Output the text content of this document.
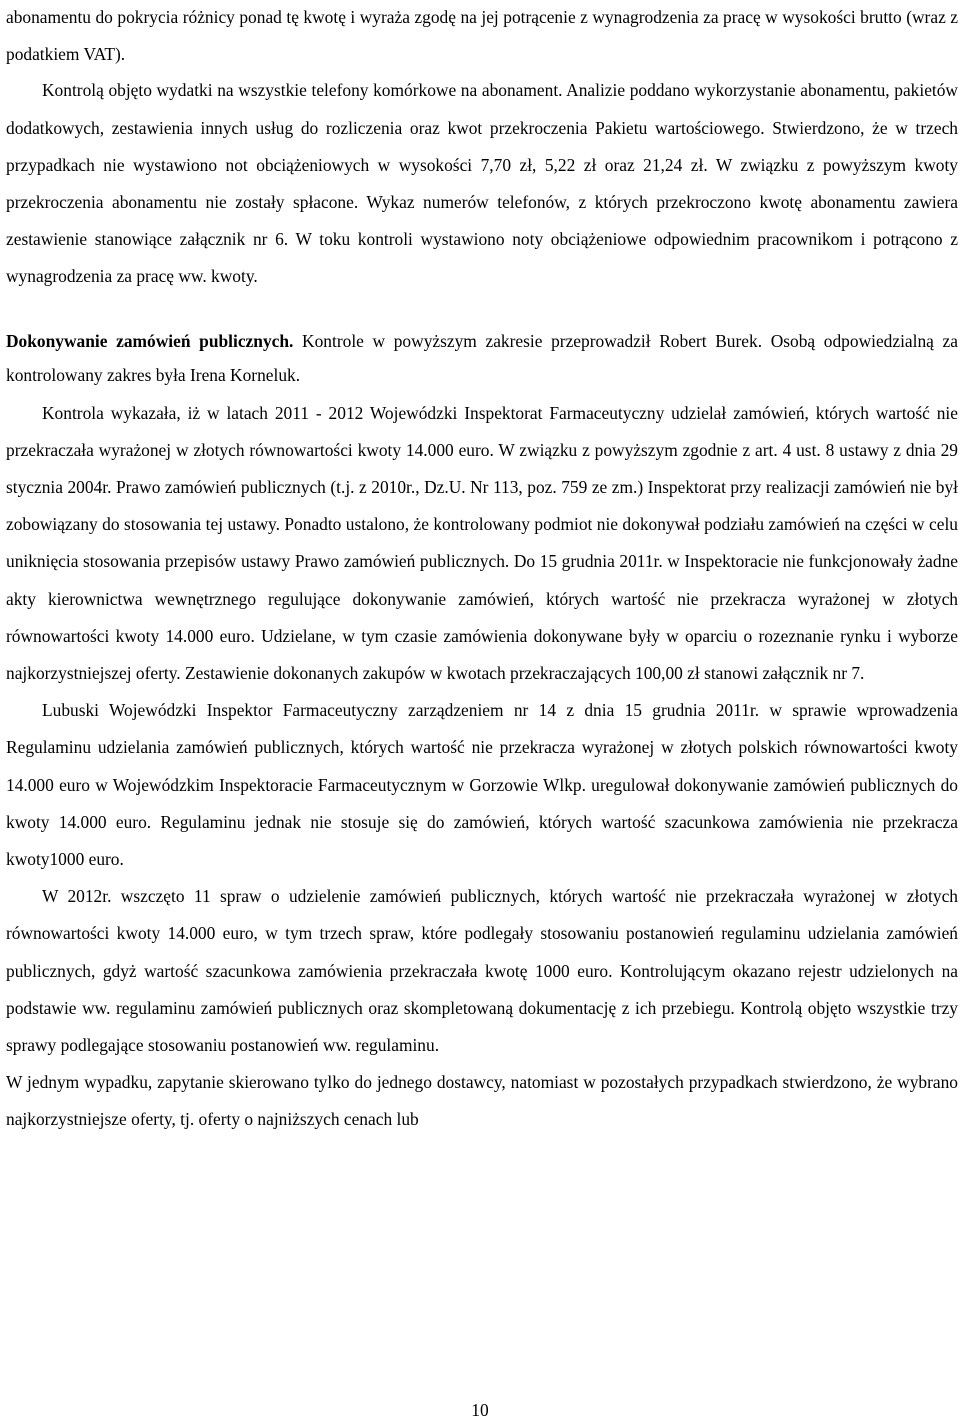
abonamentu do pokrycia różnicy ponad tę kwotę i wyraża zgodę na jej potrącenie z wynagrodzenia za pracę w wysokości brutto (wraz z podatkiem VAT).

Kontrolą objęto wydatki na wszystkie telefony komórkowe na abonament. Analizie poddano wykorzystanie abonamentu, pakietów dodatkowych, zestawienia innych usług do rozliczenia oraz kwot przekroczenia Pakietu wartościowego. Stwierdzono, że w trzech przypadkach nie wystawiono not obciążeniowych w wysokości 7,70 zł, 5,22 zł oraz 21,24 zł. W związku z powyższym kwoty przekroczenia abonamentu nie zostały spłacone. Wykaz numerów telefonów, z których przekroczono kwotę abonamentu zawiera zestawienie stanowiące załącznik nr 6. W toku kontroli wystawiono noty obciążeniowe odpowiednim pracownikom i potrącono z wynagrodzenia za pracę ww. kwoty.

Dokonywanie zamówień publicznych. Kontrole w powyższym zakresie przeprowadził Robert Burek. Osobą odpowiedzialną za kontrolowany zakres była Irena Korneluk.

Kontrola wykazała, iż w latach 2011 - 2012 Wojewódzki Inspektorat Farmaceutyczny udzielał zamówień, których wartość nie przekraczała wyrażonej w złotych równowartości kwoty 14.000 euro. W związku z powyższym zgodnie z art. 4 ust. 8 ustawy z dnia 29 stycznia 2004r. Prawo zamówień publicznych (t.j. z 2010r., Dz.U. Nr 113, poz. 759 ze zm.) Inspektorat przy realizacji zamówień nie był zobowiązany do stosowania tej ustawy. Ponadto ustalono, że kontrolowany podmiot nie dokonywał podziału zamówień na części w celu uniknięcia stosowania przepisów ustawy Prawo zamówień publicznych. Do 15 grudnia 2011r. w Inspektoracie nie funkcjonowały żadne akty kierownictwa wewnętrznego regulujące dokonywanie zamówień, których wartość nie przekracza wyrażonej w złotych równowartości kwoty 14.000 euro. Udzielane, w tym czasie zamówienia dokonywane były w oparciu o rozeznanie rynku i wyborze najkorzystniejszej oferty. Zestawienie dokonanych zakupów w kwotach przekraczających 100,00 zł stanowi załącznik nr 7.

Lubuski Wojewódzki Inspektor Farmaceutyczny zarządzeniem nr 14 z dnia 15 grudnia 2011r. w sprawie wprowadzenia Regulaminu udzielania zamówień publicznych, których wartość nie przekracza wyrażonej w złotych polskich równowartości kwoty 14.000 euro w Wojewódzkim Inspektoracie Farmaceutycznym w Gorzowie Wlkp. uregulował dokonywanie zamówień publicznych do kwoty 14.000 euro. Regulaminu jednak nie stosuje się do zamówień, których wartość szacunkowa zamówienia nie przekracza kwoty1000 euro.

W 2012r. wszczęto 11 spraw o udzielenie zamówień publicznych, których wartość nie przekraczała wyrażonej w złotych równowartości kwoty 14.000 euro, w tym trzech spraw, które podlegały stosowaniu postanowień regulaminu udzielania zamówień publicznych, gdyż wartość szacunkowa zamówienia przekraczała kwotę 1000 euro. Kontrolującym okazano rejestr udzielonych na podstawie ww. regulaminu zamówień publicznych oraz skompletowaną dokumentację z ich przebiegu. Kontrolą objęto wszystkie trzy sprawy podlegające stosowaniu postanowień ww. regulaminu.

W jednym wypadku, zapytanie skierowano tylko do jednego dostawcy, natomiast w pozostałych przypadkach stwierdzono, że wybrano najkorzystniejsze oferty, tj. oferty o najniższych cenach lub

10
